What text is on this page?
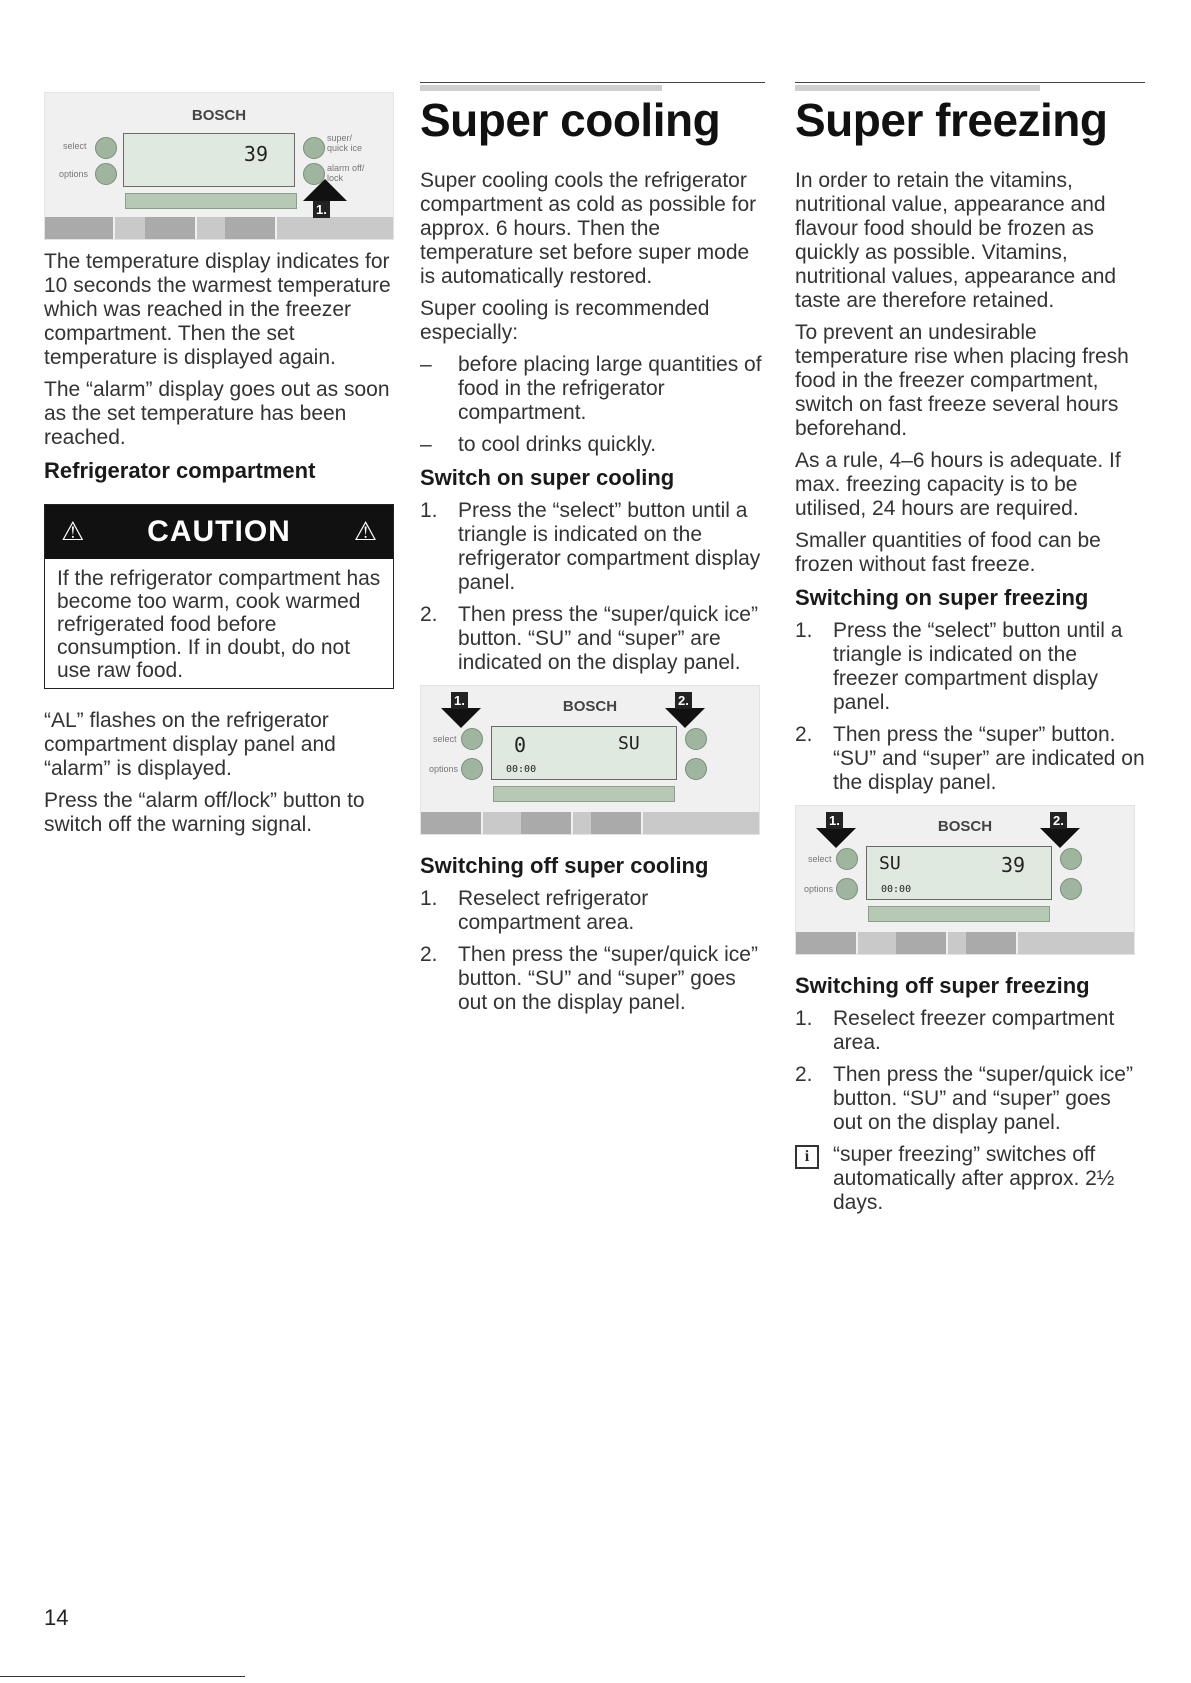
BOSCH
select
options
39
super/ quick ice
alarm off/ lock
1.

The temperature display indicates for 10 seconds the warmest temperature which was reached in the freezer compartment. Then the set temperature is displayed again.

The “alarm” display goes out as soon as the set temperature has been reached.

Refrigerator compartment
⚠ CAUTION ⚠
If the refrigerator compartment has become too warm, cook warmed refrigerated food before consumption. If in doubt, do not use raw food.

“AL” flashes on the refrigerator compartment display panel and “alarm” is displayed.

Press the “alarm off/lock” button to switch off the warning signal.

Super cooling

Super cooling cools the refrigerator compartment as cold as possible for approx. 6 hours. Then the temperature set before super mode is automatically restored.

Super cooling is recommended especially:

–	before placing large quantities of food in the refrigerator compartment.
–	to cool drinks quickly.
Switch on super cooling
1. Press the “select” button until a triangle is indicated on the refrigerator compartment display panel.
2. Then press the “super/quick ice” button. “SU” and “super” are indicated on the display panel.
BOSCH
select
options
0	SU
00:00
1.	2.
Switching off super cooling
1. Reselect refrigerator compartment area.
2. Then press the “super/quick ice” button. “SU” and “super” goes out on the display panel.
Super freezing

In order to retain the vitamins, nutritional value, appearance and flavour food should be frozen as quickly as possible. Vitamins, nutritional values, appearance and taste are therefore retained.

To prevent an undesirable temperature rise when placing fresh food in the freezer compartment, switch on fast freeze several hours beforehand.

As a rule, 4–6 hours is adequate. If max. freezing capacity is to be utilised, 24 hours are required.

Smaller quantities of food can be frozen without fast freeze.

Switching on super freezing
1. Press the “select” button until a triangle is indicated on the freezer compartment display panel.
2. Then press the “super” button. “SU” and “super” are indicated on the display panel.
BOSCH
select
options
SU	39
00:00
1.	2.
Switching off super freezing
1. Reselect freezer compartment area.
2. Then press the “super/quick ice” button. “SU” and “super” goes out on the display panel.
i	“super freezing” switches off automatically after approx. 2½ days.

14
